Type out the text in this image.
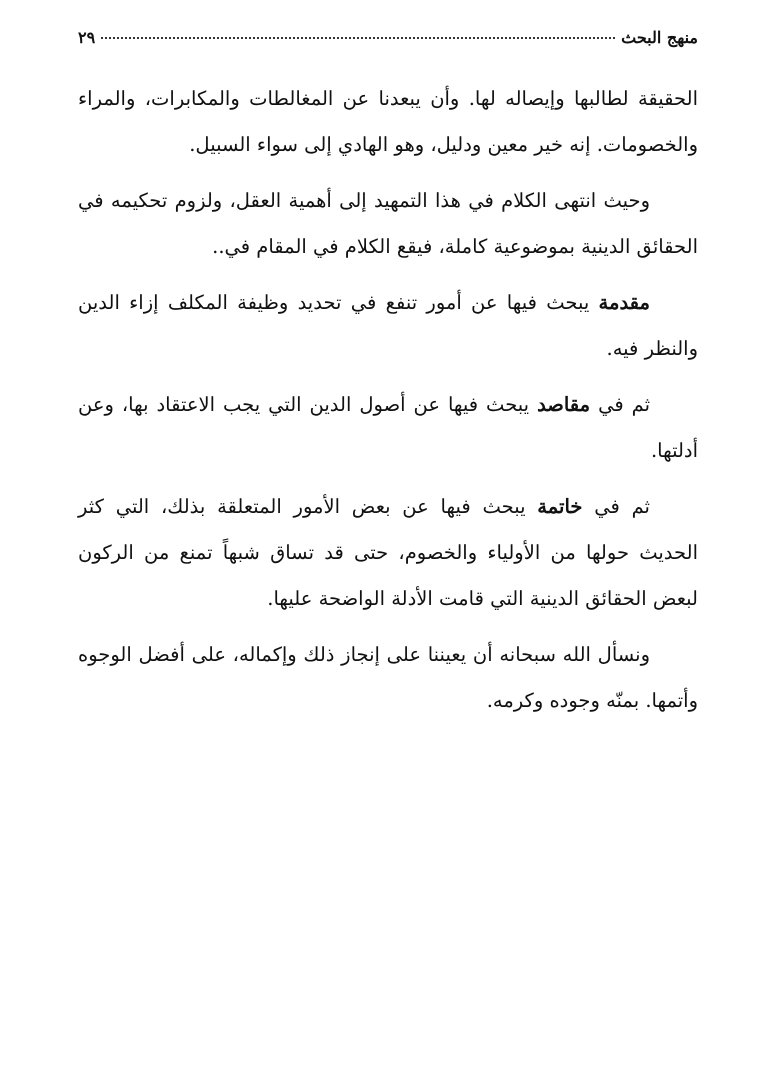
منهج البحث
٢٩

الحقيقة لطالبها وإيصاله لها. وأن يبعدنا عن المغالطات والمكابرات، والمراء والخصومات. إنه خير معين ودليل، وهو الهادي إلى سواء السبيل.

وحيث انتهى الكلام في هذا التمهيد إلى أهمية العقل، ولزوم تحكيمه في الحقائق الدينية بموضوعية كاملة، فيقع الكلام في المقام في..

مقدمة يبحث فيها عن أمور تنفع في تحديد وظيفة المكلف إزاء الدين والنظر فيه.

ثم في مقاصد يبحث فيها عن أصول الدين التي يجب الاعتقاد بها، وعن أدلتها.

ثم في خاتمة يبحث فيها عن بعض الأمور المتعلقة بذلك، التي كثر الحديث حولها من الأولياء والخصوم، حتى قد تساق شبهاً تمنع من الركون لبعض الحقائق الدينية التي قامت الأدلة الواضحة عليها.

ونسأل الله سبحانه أن يعيننا على إنجاز ذلك وإكماله، على أفضل الوجوه وأتمها. بمنّه وجوده وكرمه.
